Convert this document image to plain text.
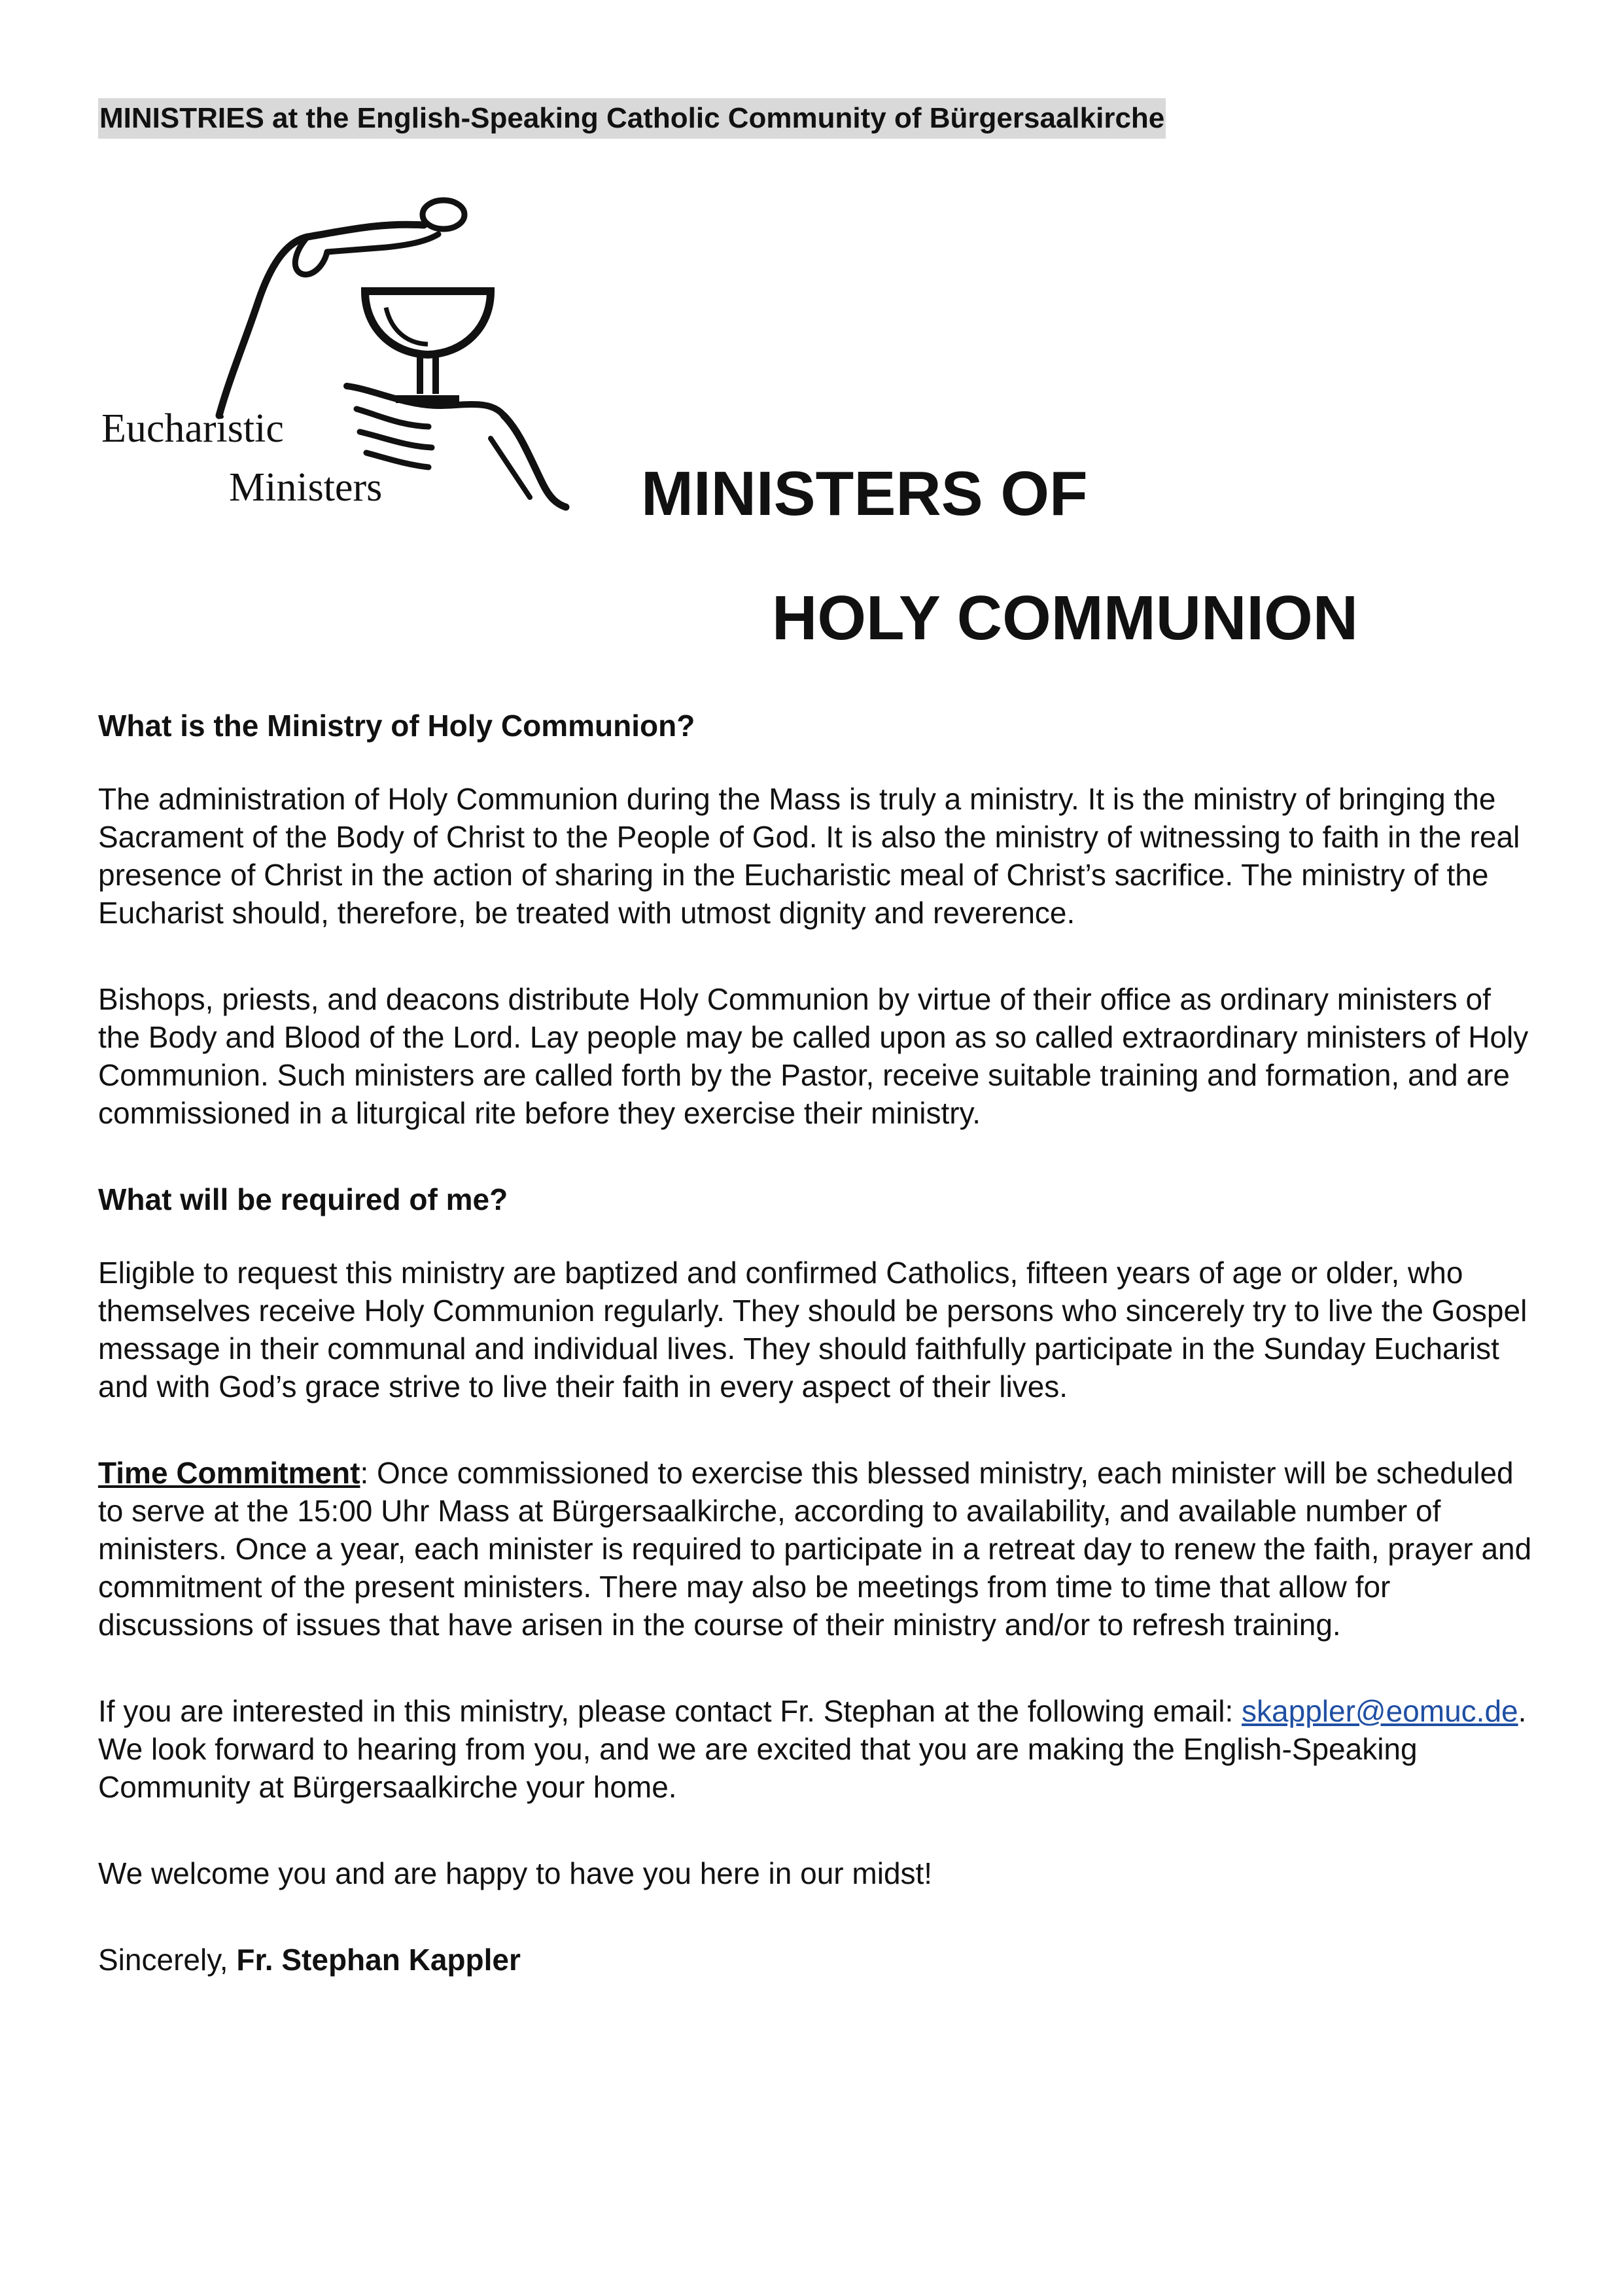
MINISTRIES at the English-Speaking Catholic Community of Bürgersaalkirche
Eucharistic
Ministers	MINISTERS OF
HOLY COMMUNION
What is the Ministry of Holy Communion?
The administration of Holy Communion during the Mass is truly a ministry. It is the ministry of bringing the Sacrament of the Body of Christ to the People of God. It is also the ministry of witnessing to faith in the real presence of Christ in the action of sharing in the Eucharistic meal of Christ’s sacrifice. The ministry of the Eucharist should, therefore, be treated with utmost dignity and reverence.
Bishops, priests, and deacons distribute Holy Communion by virtue of their office as ordinary ministers of the Body and Blood of the Lord. Lay people may be called upon as so called extraordinary ministers of Holy Communion. Such ministers are called forth by the Pastor, receive suitable training and formation, and are commissioned in a liturgical rite before they exercise their ministry.
What will be required of me?
Eligible to request this ministry are baptized and confirmed Catholics, fifteen years of age or older, who themselves receive Holy Communion regularly. They should be persons who sincerely try to live the Gospel message in their communal and individual lives. They should faithfully participate in the Sunday Eucharist and with God’s grace strive to live their faith in every aspect of their lives.
Time Commitment: Once commissioned to exercise this blessed ministry, each minister will be scheduled to serve at the 15:00 Uhr Mass at Bürgersaalkirche, according to availability, and available number of ministers. Once a year, each minister is required to participate in a retreat day to renew the faith, prayer and commitment of the present ministers. There may also be meetings from time to time that allow for discussions of issues that have arisen in the course of their ministry and/or to refresh training.
If you are interested in this ministry, please contact Fr. Stephan at the following email: skappler@eomuc.de. We look forward to hearing from you, and we are excited that you are making the English-Speaking Community at Bürgersaalkirche your home.
We welcome you and are happy to have you here in our midst!
Sincerely, Fr. Stephan Kappler
